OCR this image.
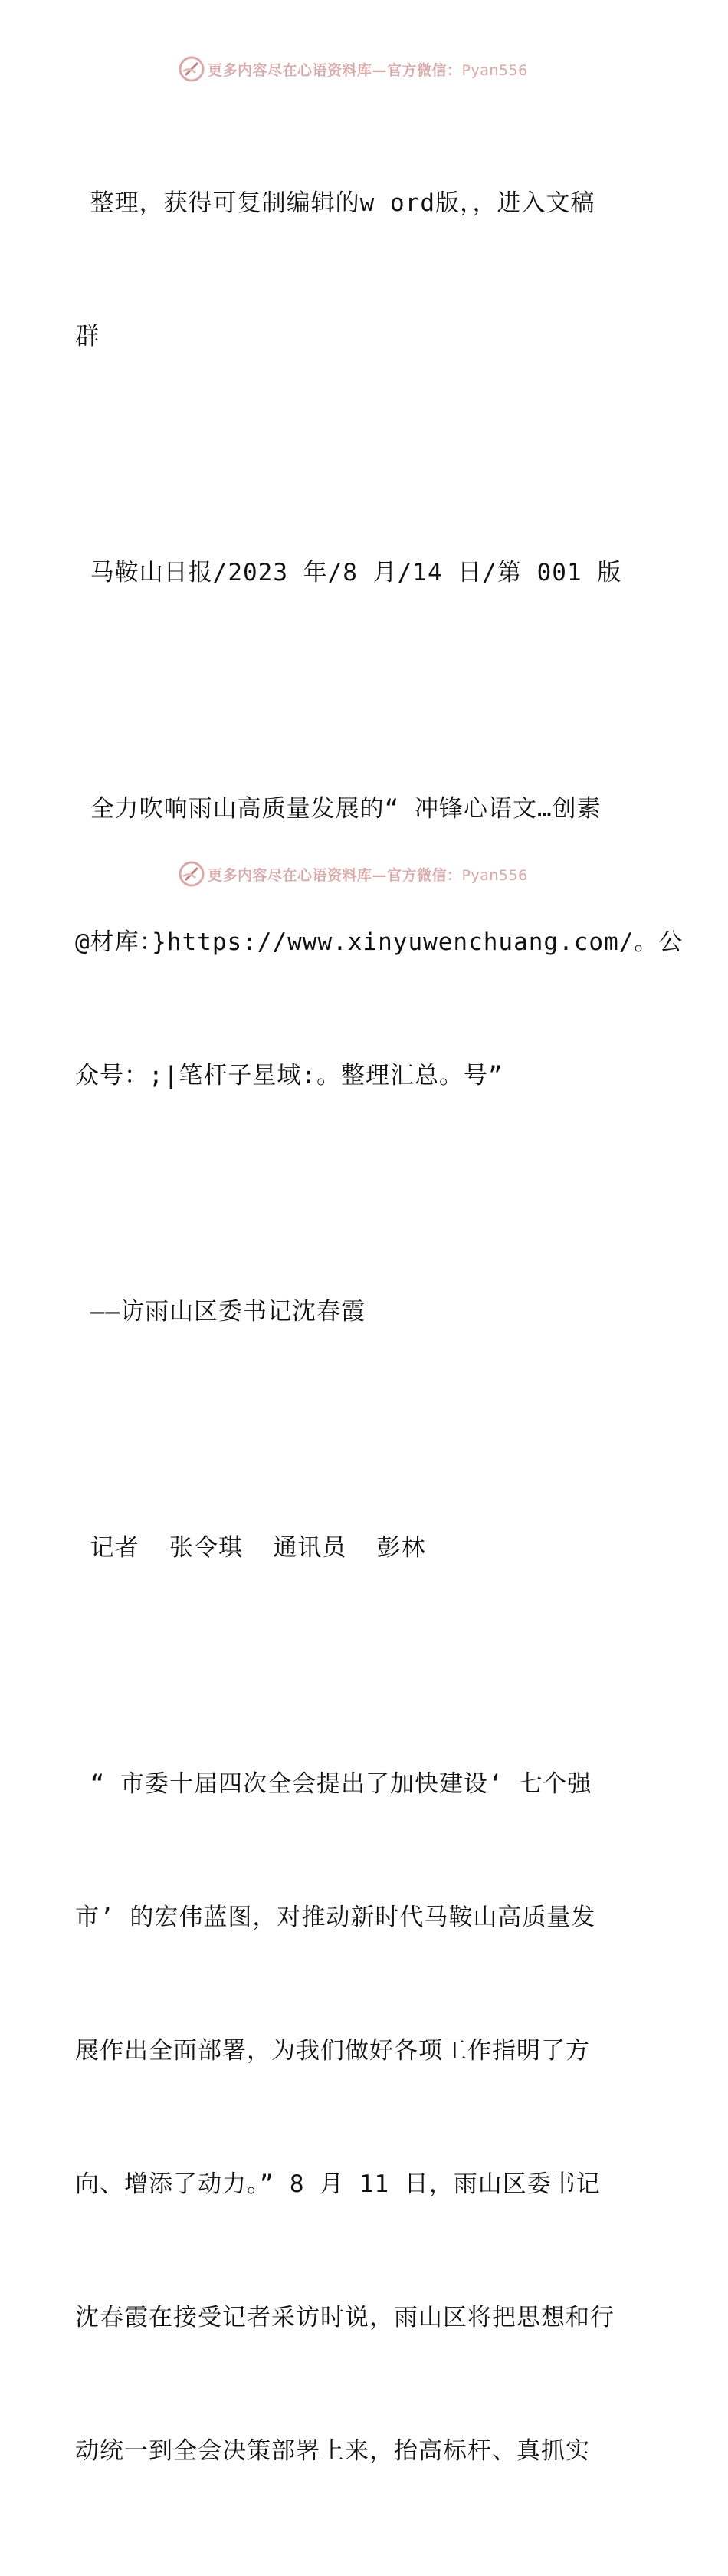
更多内容尽在心语资料库—官方微信：Pyan556

整理，获得可复制编辑的w ord版，，进入文稿

群

马鞍山日报/2023 年/8 月/14 日/第 001 版

全力吹响雨山高质量发展的“ 冲锋心语文…创素

@材库：}https://www.xinyuwenchuang.com/。公

众号：;|笔杆子星域:。整理汇总。号”

——访雨山区委书记沈春霞

记者  张令琪  通讯员  彭林

“ 市委十届四次全会提出了加快建设‘ 七个强

市’ 的宏伟蓝图，对推动新时代马鞍山高质量发

展作出全面部署，为我们做好各项工作指明了方

向、增添了动力。” 8 月 11 日，雨山区委书记

沈春霞在接受记者采访时说，雨山区将把思想和行

动统一到全会决策部署上来，抬高标杆、真抓实

更多内容尽在心语资料库—官方微信：Pyan556
